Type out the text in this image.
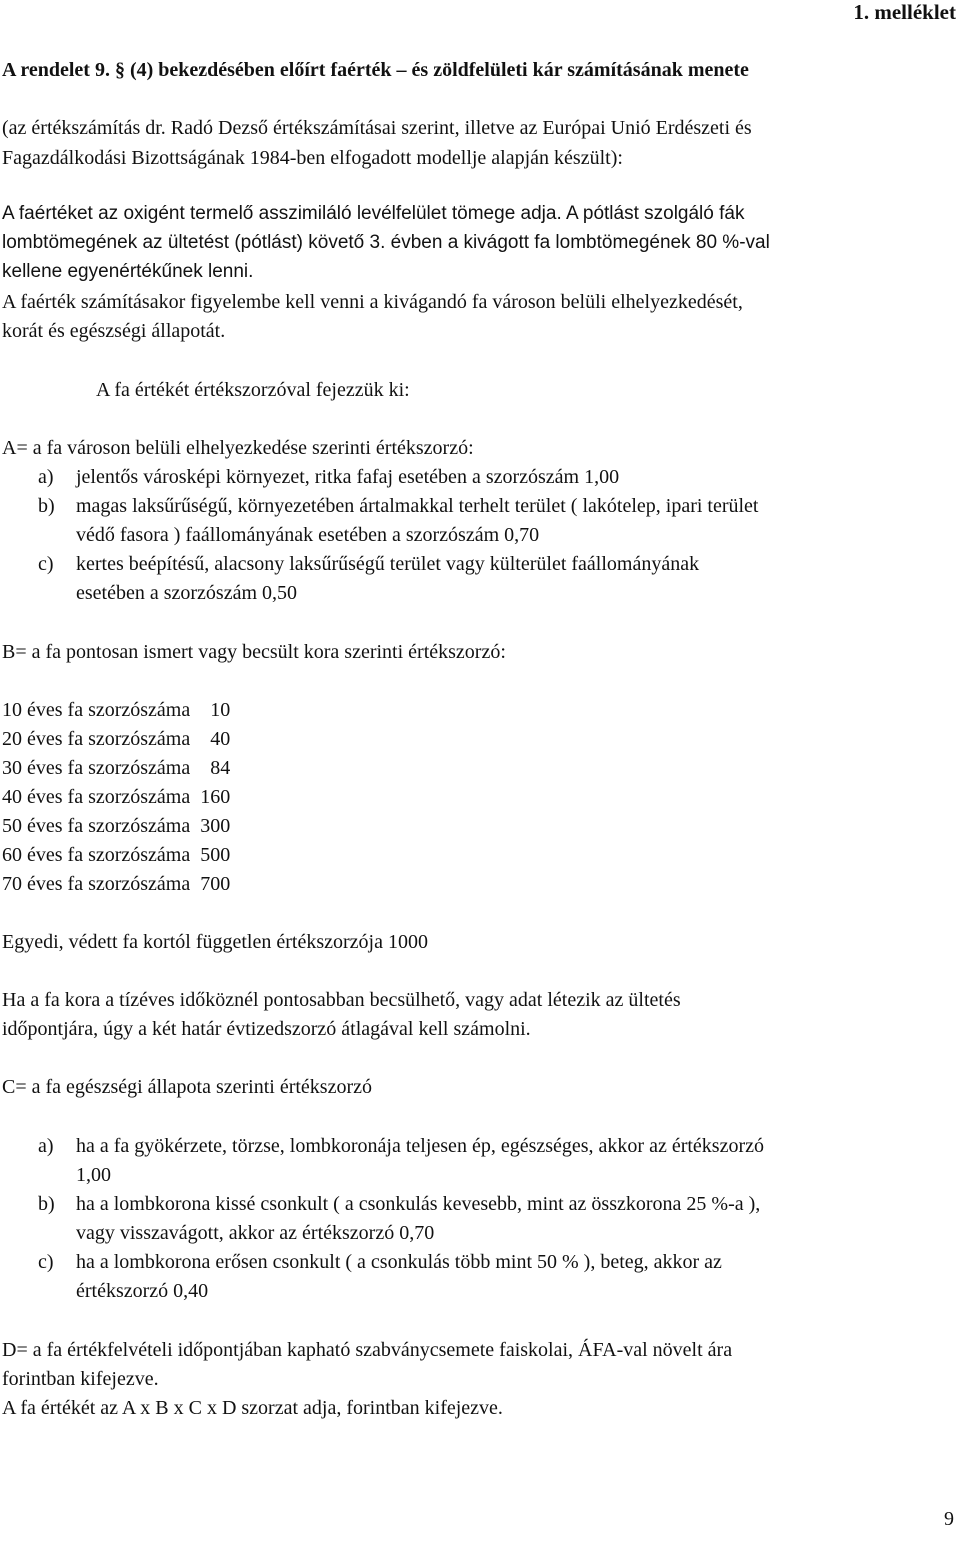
1. melléklet
A rendelet 9. § (4) bekezdésében előírt faérték – és zöldfelületi kár számításának menete
(az értékszámítás dr. Radó Dezső értékszámításai szerint, illetve az Európai Unió Erdészeti és
Fagazdálkodási Bizottságának 1984-ben elfogadott modellje alapján készült):
A faértéket az oxigént termelő asszimiláló levélfelület tömege adja. A pótlást szolgáló fák
lombtömegének az ültetést (pótlást) követő 3. évben a kivágott fa lombtömegének 80 %-val
kellene egyenértékűnek lenni.
A faérték számításakor figyelembe kell venni a kivágandó fa városon belüli elhelyezkedését,
korát és egészségi állapotát.
A fa értékét értékszorzóval fejezzük ki:
A= a fa városon belüli elhelyezkedése szerinti értékszorzó:
a) jelentős városképi környezet, ritka fafaj esetében a szorzószám 1,00
b) magas laksűrűségű, környezetében ártalmakkal terhelt terület ( lakótelep, ipari terület
védő fasora ) faállományának esetében a szorzószám 0,70
c) kertes beépítésű, alacsony laksűrűségű terület vagy külterület faállományának
esetében a szorzószám 0,50
B= a fa pontosan ismert vagy becsült kora szerinti értékszorzó:
10 éves fa szorzószáma 10
20 éves fa szorzószáma 40
30 éves fa szorzószáma 84
40 éves fa szorzószáma 160
50 éves fa szorzószáma 300
60 éves fa szorzószáma 500
70 éves fa szorzószáma 700
Egyedi, védett fa kortól független értékszorzója 1000
Ha a fa kora a tízéves időköznél pontosabban becsülhető, vagy adat létezik az ültetés
időpontjára, úgy a két határ évtizedszorzó átlagával kell számolni.
C= a fa egészségi állapota szerinti értékszorzó
a) ha a fa gyökérzete, törzse, lombkoronája teljesen ép, egészséges, akkor az értékszorzó
1,00
b) ha a lombkorona kissé csonkult ( a csonkulás kevesebb, mint az összkorona 25 %-a ),
vagy visszavágott, akkor az értékszorzó 0,70
c) ha a lombkorona erősen csonkult ( a csonkulás több mint 50 % ), beteg, akkor az
értékszorzó 0,40
D= a fa értékfelvételi időpontjában kapható szabványcsemete faiskolai, ÁFA-val növelt ára
forintban kifejezve.
A fa értékét az A x B x C x D szorzat adja, forintban kifejezve.
9
